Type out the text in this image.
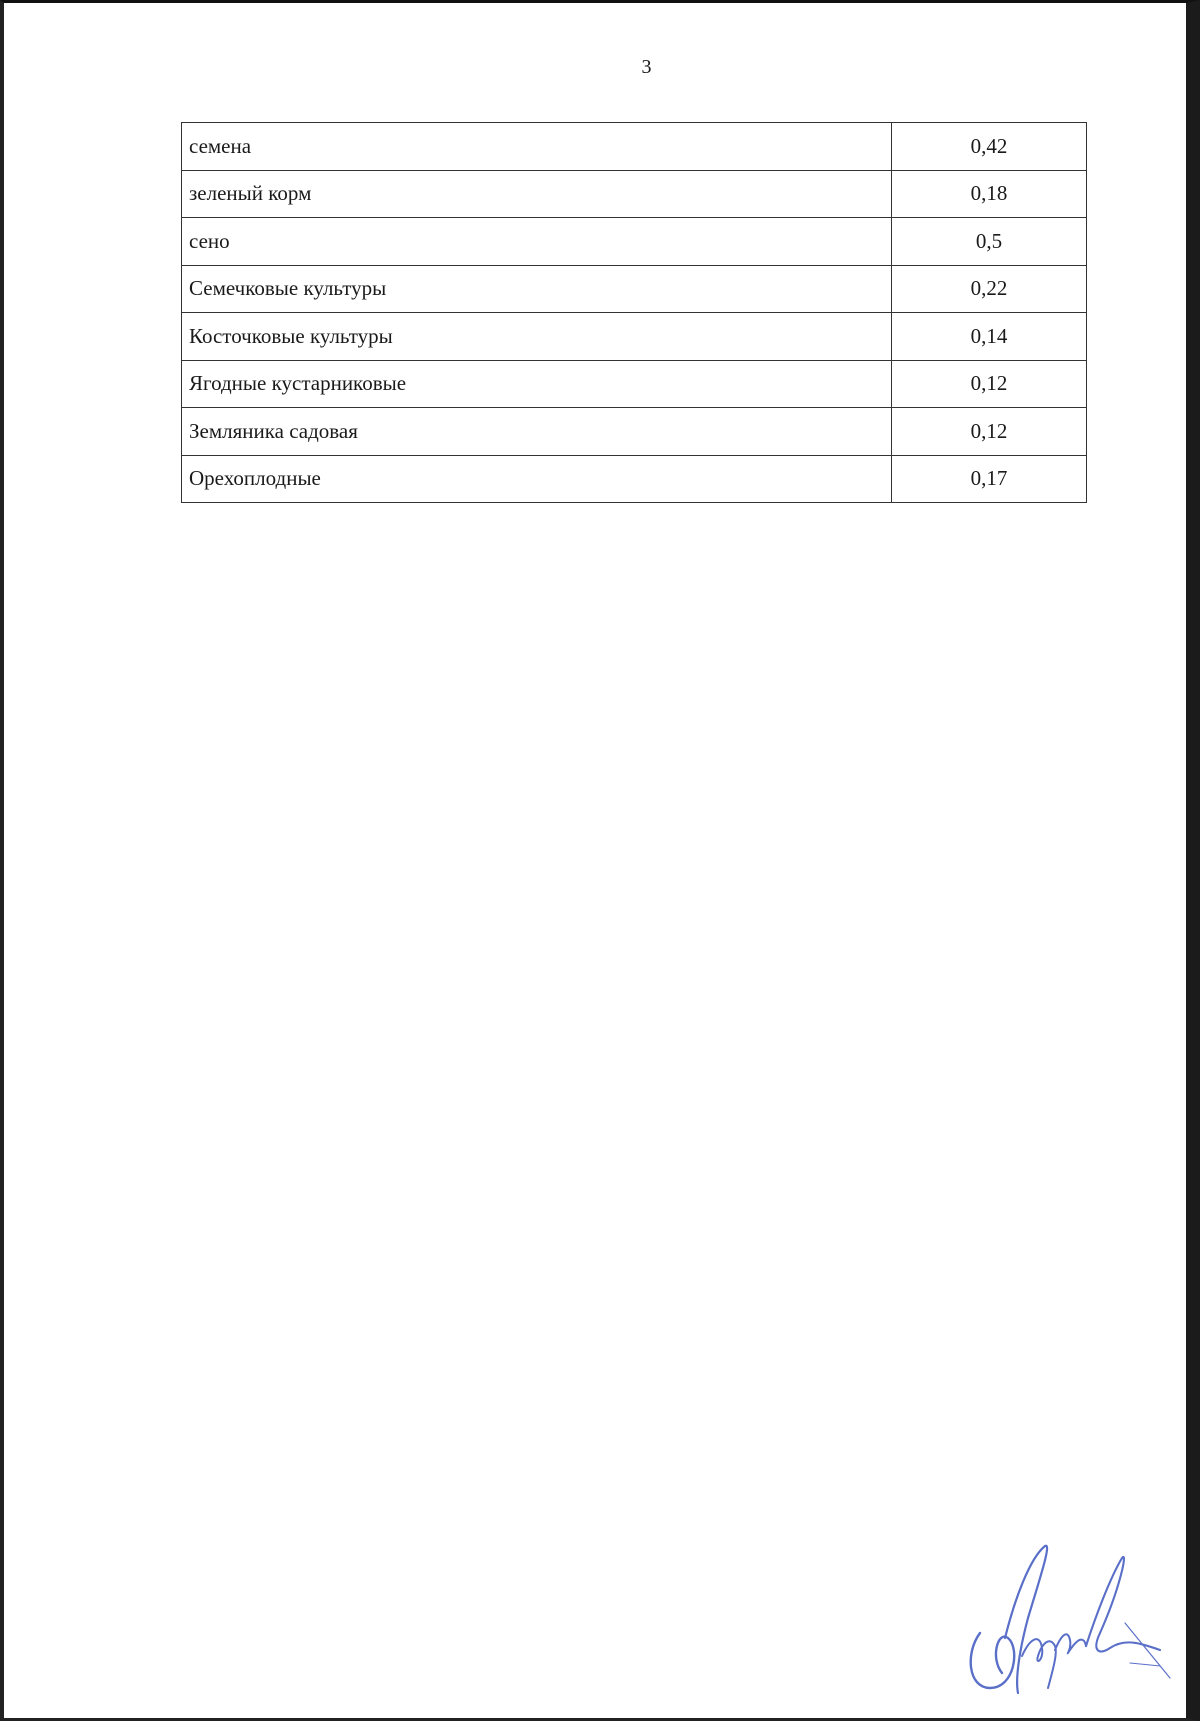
3
семена	0,42
зеленый корм	0,18
сено	0,5
Семечковые культуры	0,22
Косточковые культуры	0,14
Ягодные кустарниковые	0,12
Земляника садовая	0,12
Орехоплодные	0,17
